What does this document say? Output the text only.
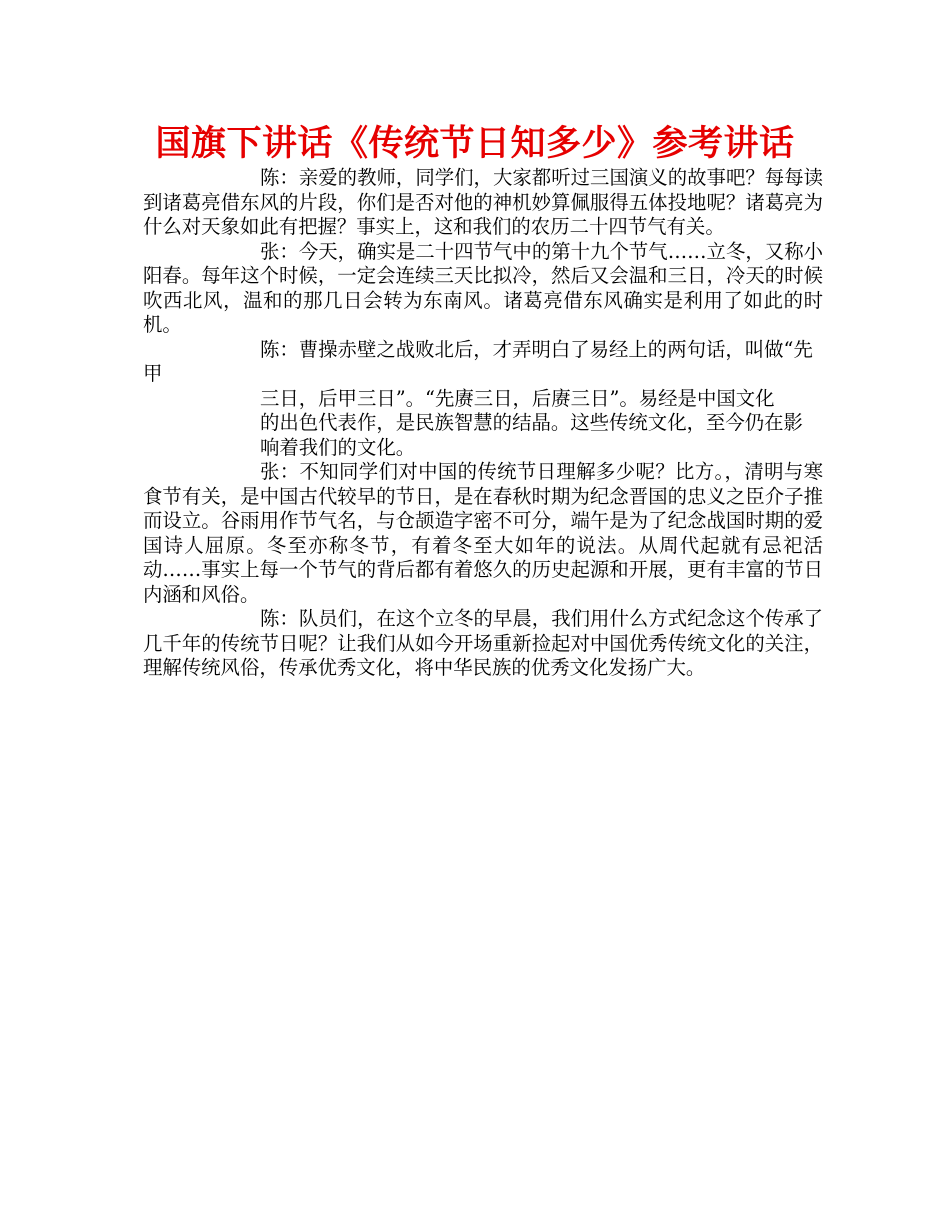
国旗下讲话《传统节日知多少》参考讲话

陈：亲爱的教师，同学们，大家都听过三国演义的故事吧？每每读到诸葛亮借东风的片段，你们是否对他的神机妙算佩服得五体投地呢？诸葛亮为什么对天象如此有把握？事实上，这和我们的农历二十四节气有关。

张：今天，确实是二十四节气中的第十九个节气……立冬，又称小阳春。每年这个时候，一定会连续三天比拟冷，然后又会温和三日，冷天的时候吹西北风，温和的那几日会转为东南风。诸葛亮借东风确实是利用了如此的时机。

陈：曹操赤壁之战败北后，才弄明白了易经上的两句话，叫做“先甲

三日，后甲三日”。“先赓三日，后赓三日”。易经是中国文化

的出色代表作，是民族智慧的结晶。这些传统文化，至今仍在影

响着我们的文化。

张：不知同学们对中国的传统节日理解多少呢？比方。，清明与寒食节有关，是中国古代较早的节日，是在春秋时期为纪念晋国的忠义之臣介子推而设立。谷雨用作节气名，与仓颉造字密不可分，端午是为了纪念战国时期的爱国诗人屈原。冬至亦称冬节，有着冬至大如年的说法。从周代起就有忌祀活动……事实上每一个节气的背后都有着悠久的历史起源和开展，更有丰富的节日内涵和风俗。

陈：队员们，在这个立冬的早晨，我们用什么方式纪念这个传承了几千年的传统节日呢？让我们从如今开场重新捡起对中国优秀传统文化的关注，理解传统风俗，传承优秀文化，将中华民族的优秀文化发扬广大。
